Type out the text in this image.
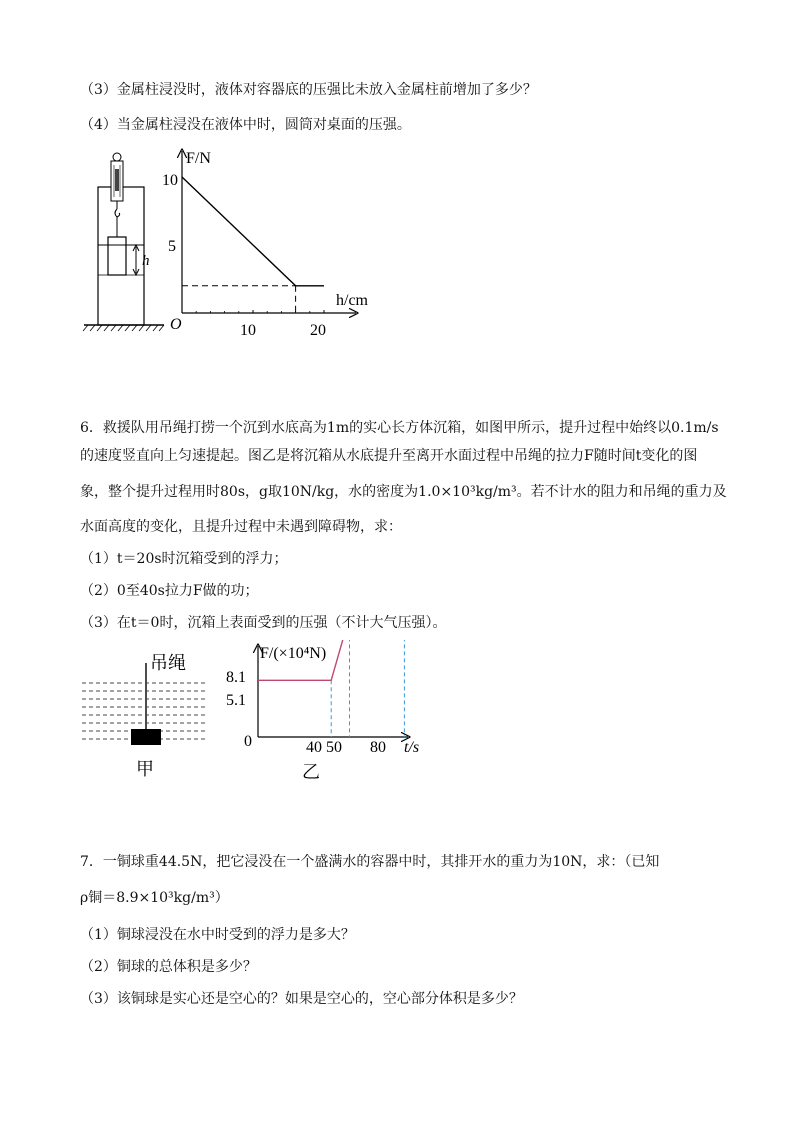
（3）金属柱浸没时，液体对容器底的压强比未放入金属柱前增加了多少？
（4）当金属柱浸没在液体中时，圆筒对桌面的压强。
h
F/N
h/cm
O
10
5
10	20
6．救援队用吊绳打捞一个沉到水底高为1m的实心长方体沉箱，如图甲所示，提升过程中始终以0.1m/s
的速度竖直向上匀速提起。图乙是将沉箱从水底提升至离开水面过程中吊绳的拉力F随时间t变化的图
象，整个提升过程用时80s，g取10N/kg，水的密度为1.0×10³kg/m³。若不计水的阻力和吊绳的重力及
水面高度的变化，且提升过程中未遇到障碍物，求：
（1）t＝20s时沉箱受到的浮力；
（2）0至40s拉力F做的功；
（3）在t＝0时，沉箱上表面受到的压强（不计大气压强）。
吊绳
甲
F/(×10⁴N)
t/s
0
8.1
5.1
40 50 80
乙
7．一铜球重44.5N，把它浸没在一个盛满水的容器中时，其排开水的重力为10N，求：（已知
ρ铜＝8.9×10³kg/m³）
（1）铜球浸没在水中时受到的浮力是多大？
（2）铜球的总体积是多少？
（3）该铜球是实心还是空心的？如果是空心的，空心部分体积是多少？
